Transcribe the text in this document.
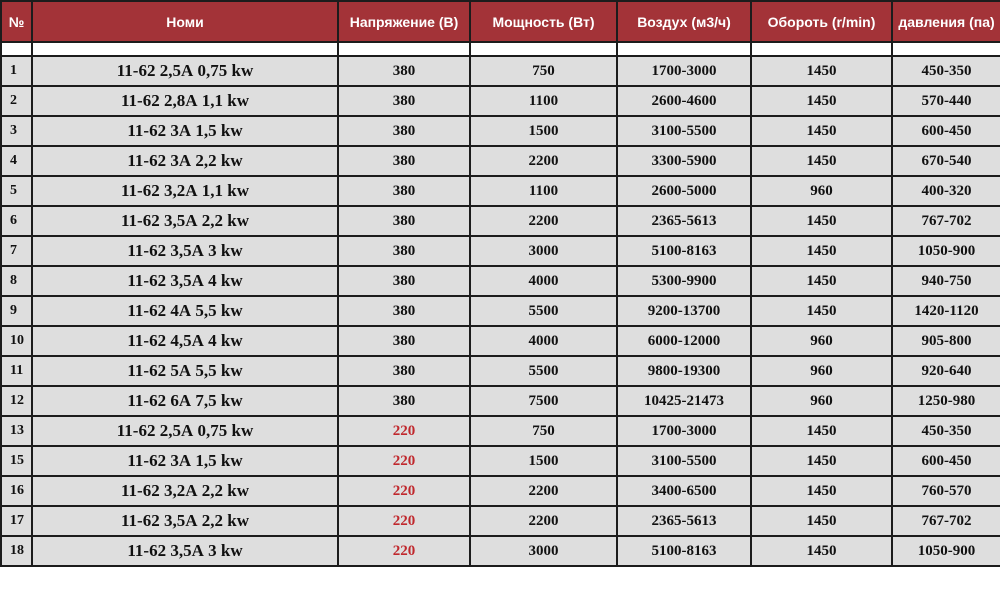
№	Номи	Напряжение (В)	Мощность (Вт)	Воздух (м3/ч)	Обороть (r/min)	давления (па)

1	11-62 2,5А 0,75 kw	380	750	1700-3000	1450	450-350
2	11-62 2,8А 1,1 kw	380	1100	2600-4600	1450	570-440
3	11-62 3А 1,5 kw	380	1500	3100-5500	1450	600-450
4	11-62 3А 2,2 kw	380	2200	3300-5900	1450	670-540
5	11-62 3,2А 1,1 kw	380	1100	2600-5000	960	400-320
6	11-62 3,5А 2,2 kw	380	2200	2365-5613	1450	767-702
7	11-62 3,5А 3 kw	380	3000	5100-8163	1450	1050-900
8	11-62 3,5А 4 kw	380	4000	5300-9900	1450	940-750
9	11-62 4А 5,5 kw	380	5500	9200-13700	1450	1420-1120
10	11-62 4,5А 4 kw	380	4000	6000-12000	960	905-800
11	11-62 5А 5,5 kw	380	5500	9800-19300	960	920-640
12	11-62 6А 7,5 kw	380	7500	10425-21473	960	1250-980
13	11-62 2,5А 0,75 kw	220	750	1700-3000	1450	450-350
15	11-62 3А 1,5 kw	220	1500	3100-5500	1450	600-450
16	11-62 3,2А 2,2 kw	220	2200	3400-6500	1450	760-570
17	11-62 3,5А 2,2 kw	220	2200	2365-5613	1450	767-702
18	11-62 3,5А 3 kw	220	3000	5100-8163	1450	1050-900
